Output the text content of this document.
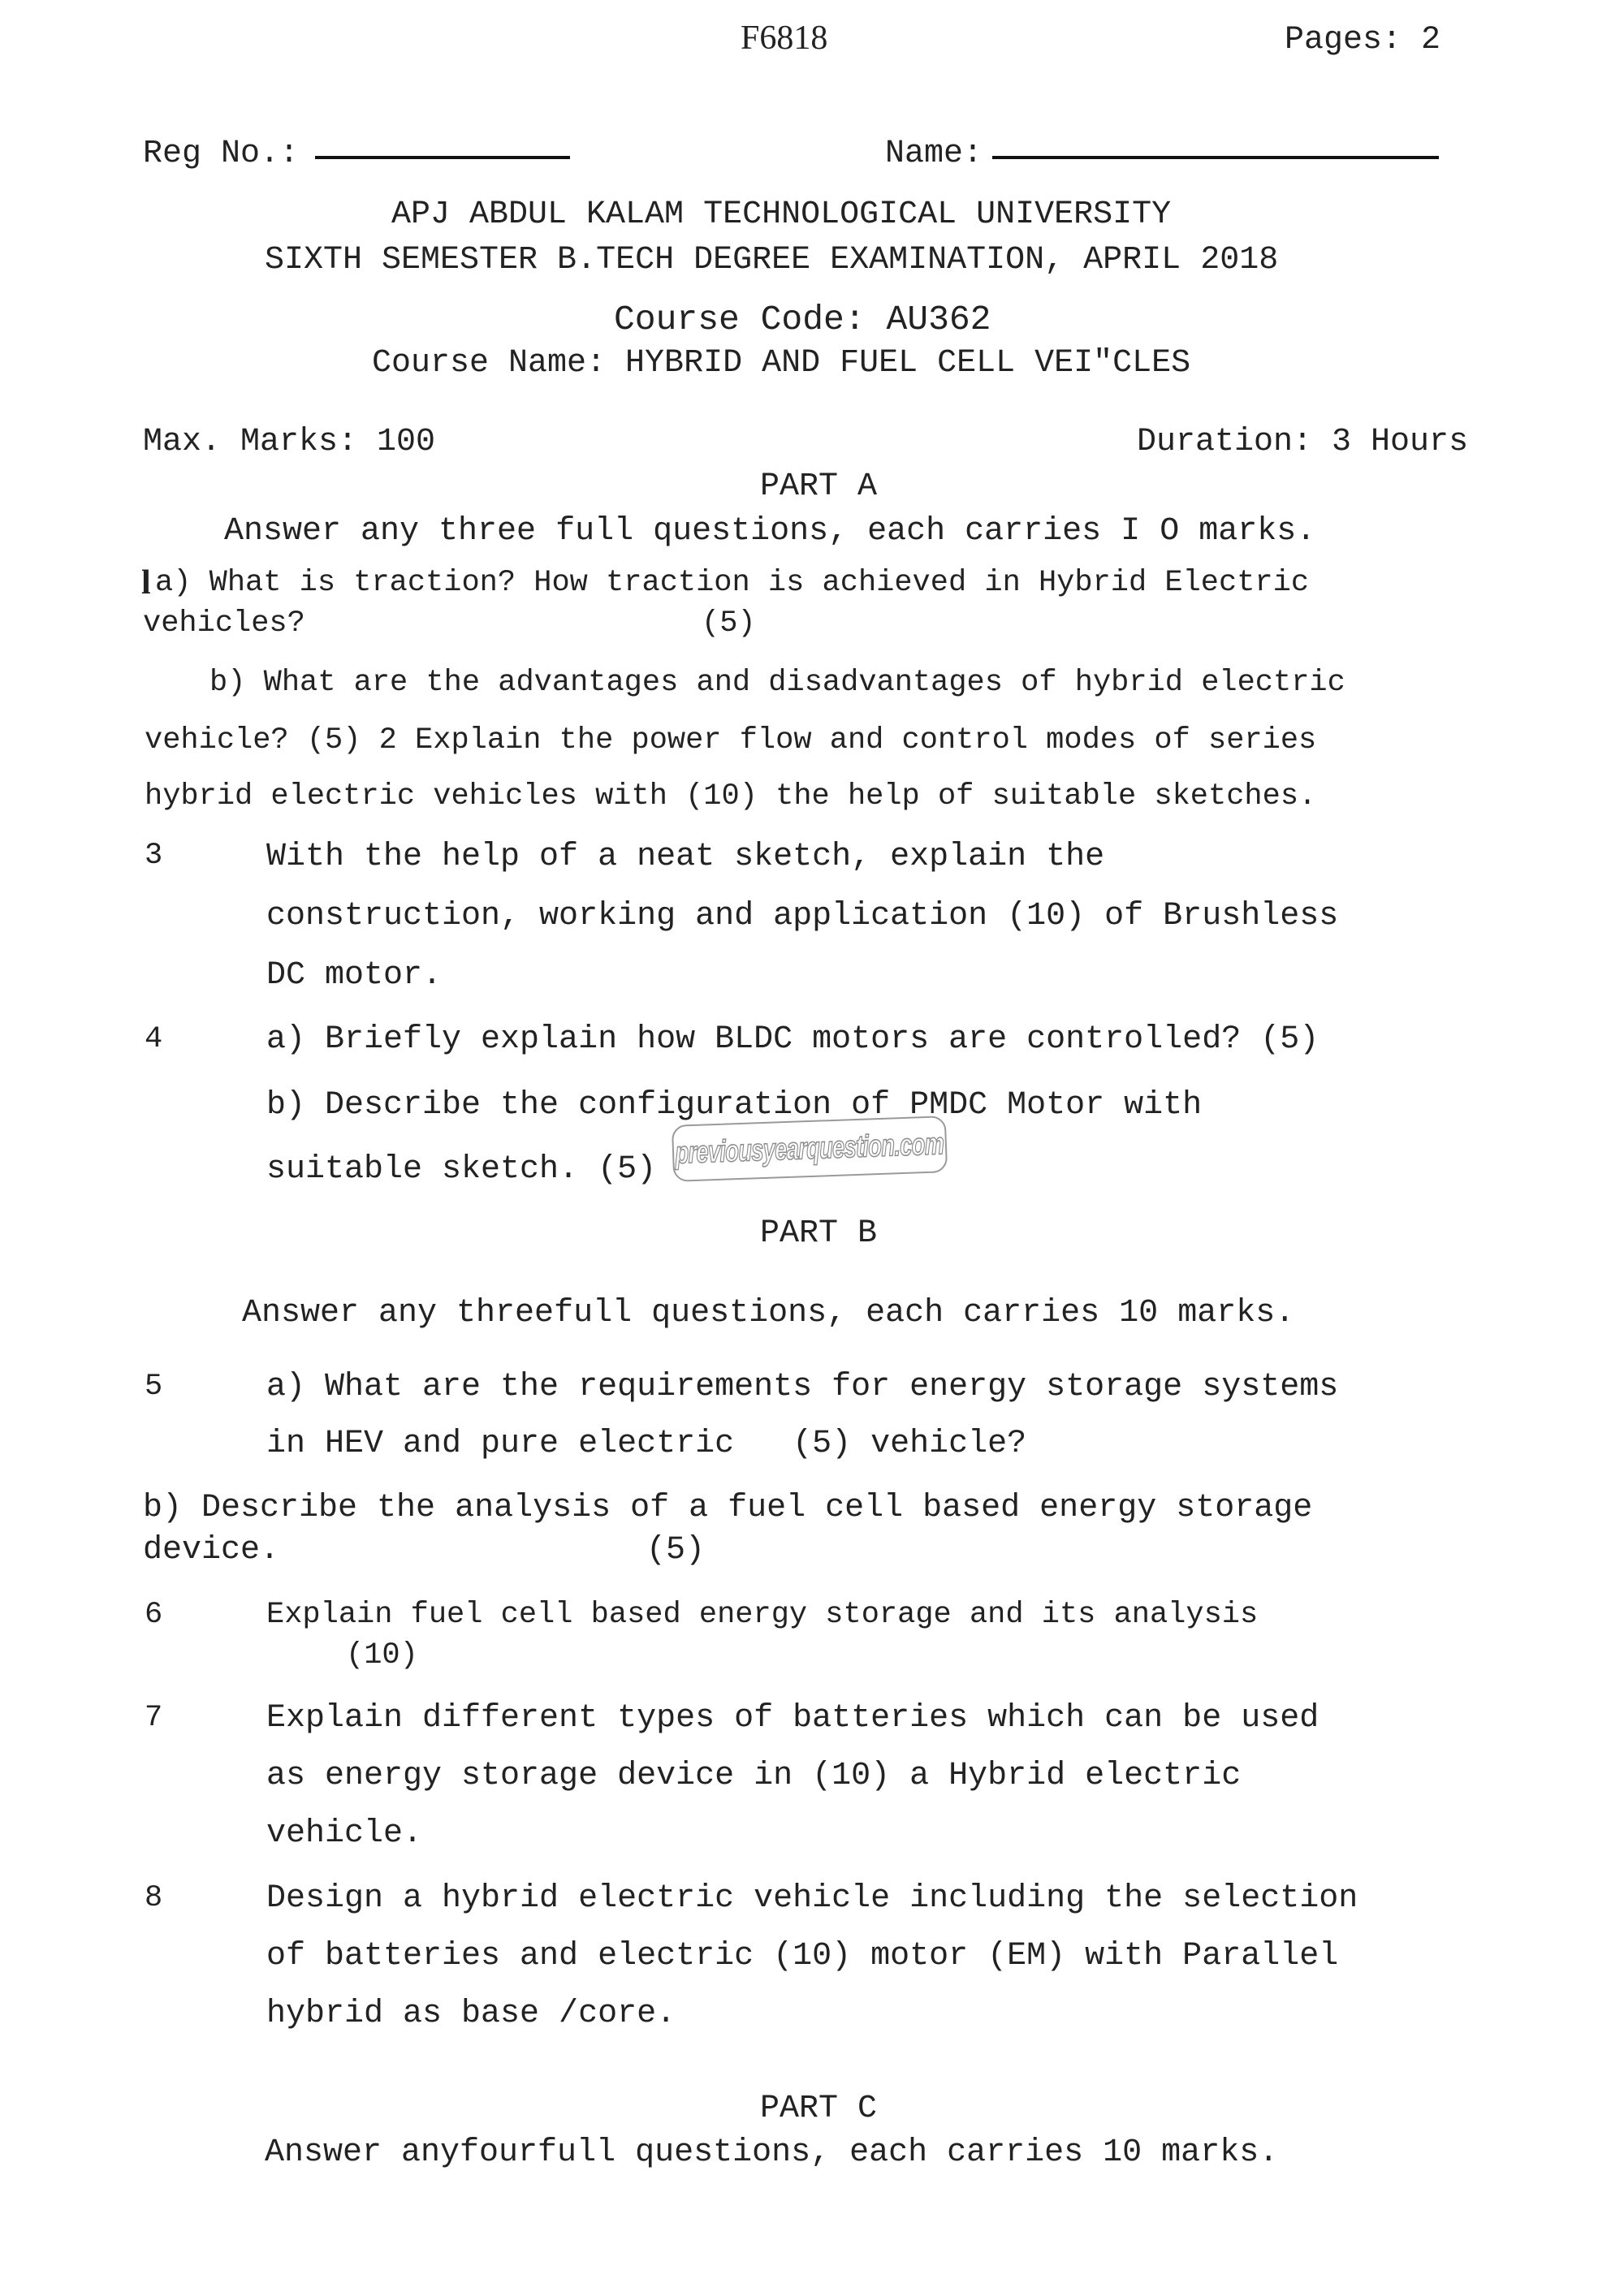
F6818	Pages: 2
Reg No.:	Name:
APJ ABDUL KALAM TECHNOLOGICAL UNIVERSITY
SIXTH SEMESTER B.TECH DEGREE EXAMINATION, APRIL 2018
Course Code: AU362
Course Name: HYBRID AND FUEL CELL VEI"CLES
Max. Marks: 100	Duration: 3 Hours
PART A
Answer any three full questions, each carries I O marks.
l a) What is traction? How traction is achieved in Hybrid Electric
vehicles?	(5)
b) What are the advantages and disadvantages of hybrid electric
vehicle? (5) 2 Explain the power flow and control modes of series
hybrid electric vehicles with (10) the help of suitable sketches.
3	With the help of a neat sketch, explain the
construction, working and application (10) of Brushless
DC motor.
4	a) Briefly explain how BLDC motors are controlled? (5)
b) Describe the configuration of PMDC Motor with
suitable sketch. (5) previousyearquestion.com
PART B
Answer any threefull questions, each carries 10 marks.
5	a) What are the requirements for energy storage systems
in HEV and pure electric   (5) vehicle?
b) Describe the analysis of a fuel cell based energy storage
device.	(5)
6	Explain fuel cell based energy storage and its analysis
(10)
7	Explain different types of batteries which can be used
as energy storage device in (10) a Hybrid electric
vehicle.
8	Design a hybrid electric vehicle including the selection
of batteries and electric (10) motor (EM) with Parallel
hybrid as base /core.
PART C
Answer anyfourfull questions, each carries 10 marks.
